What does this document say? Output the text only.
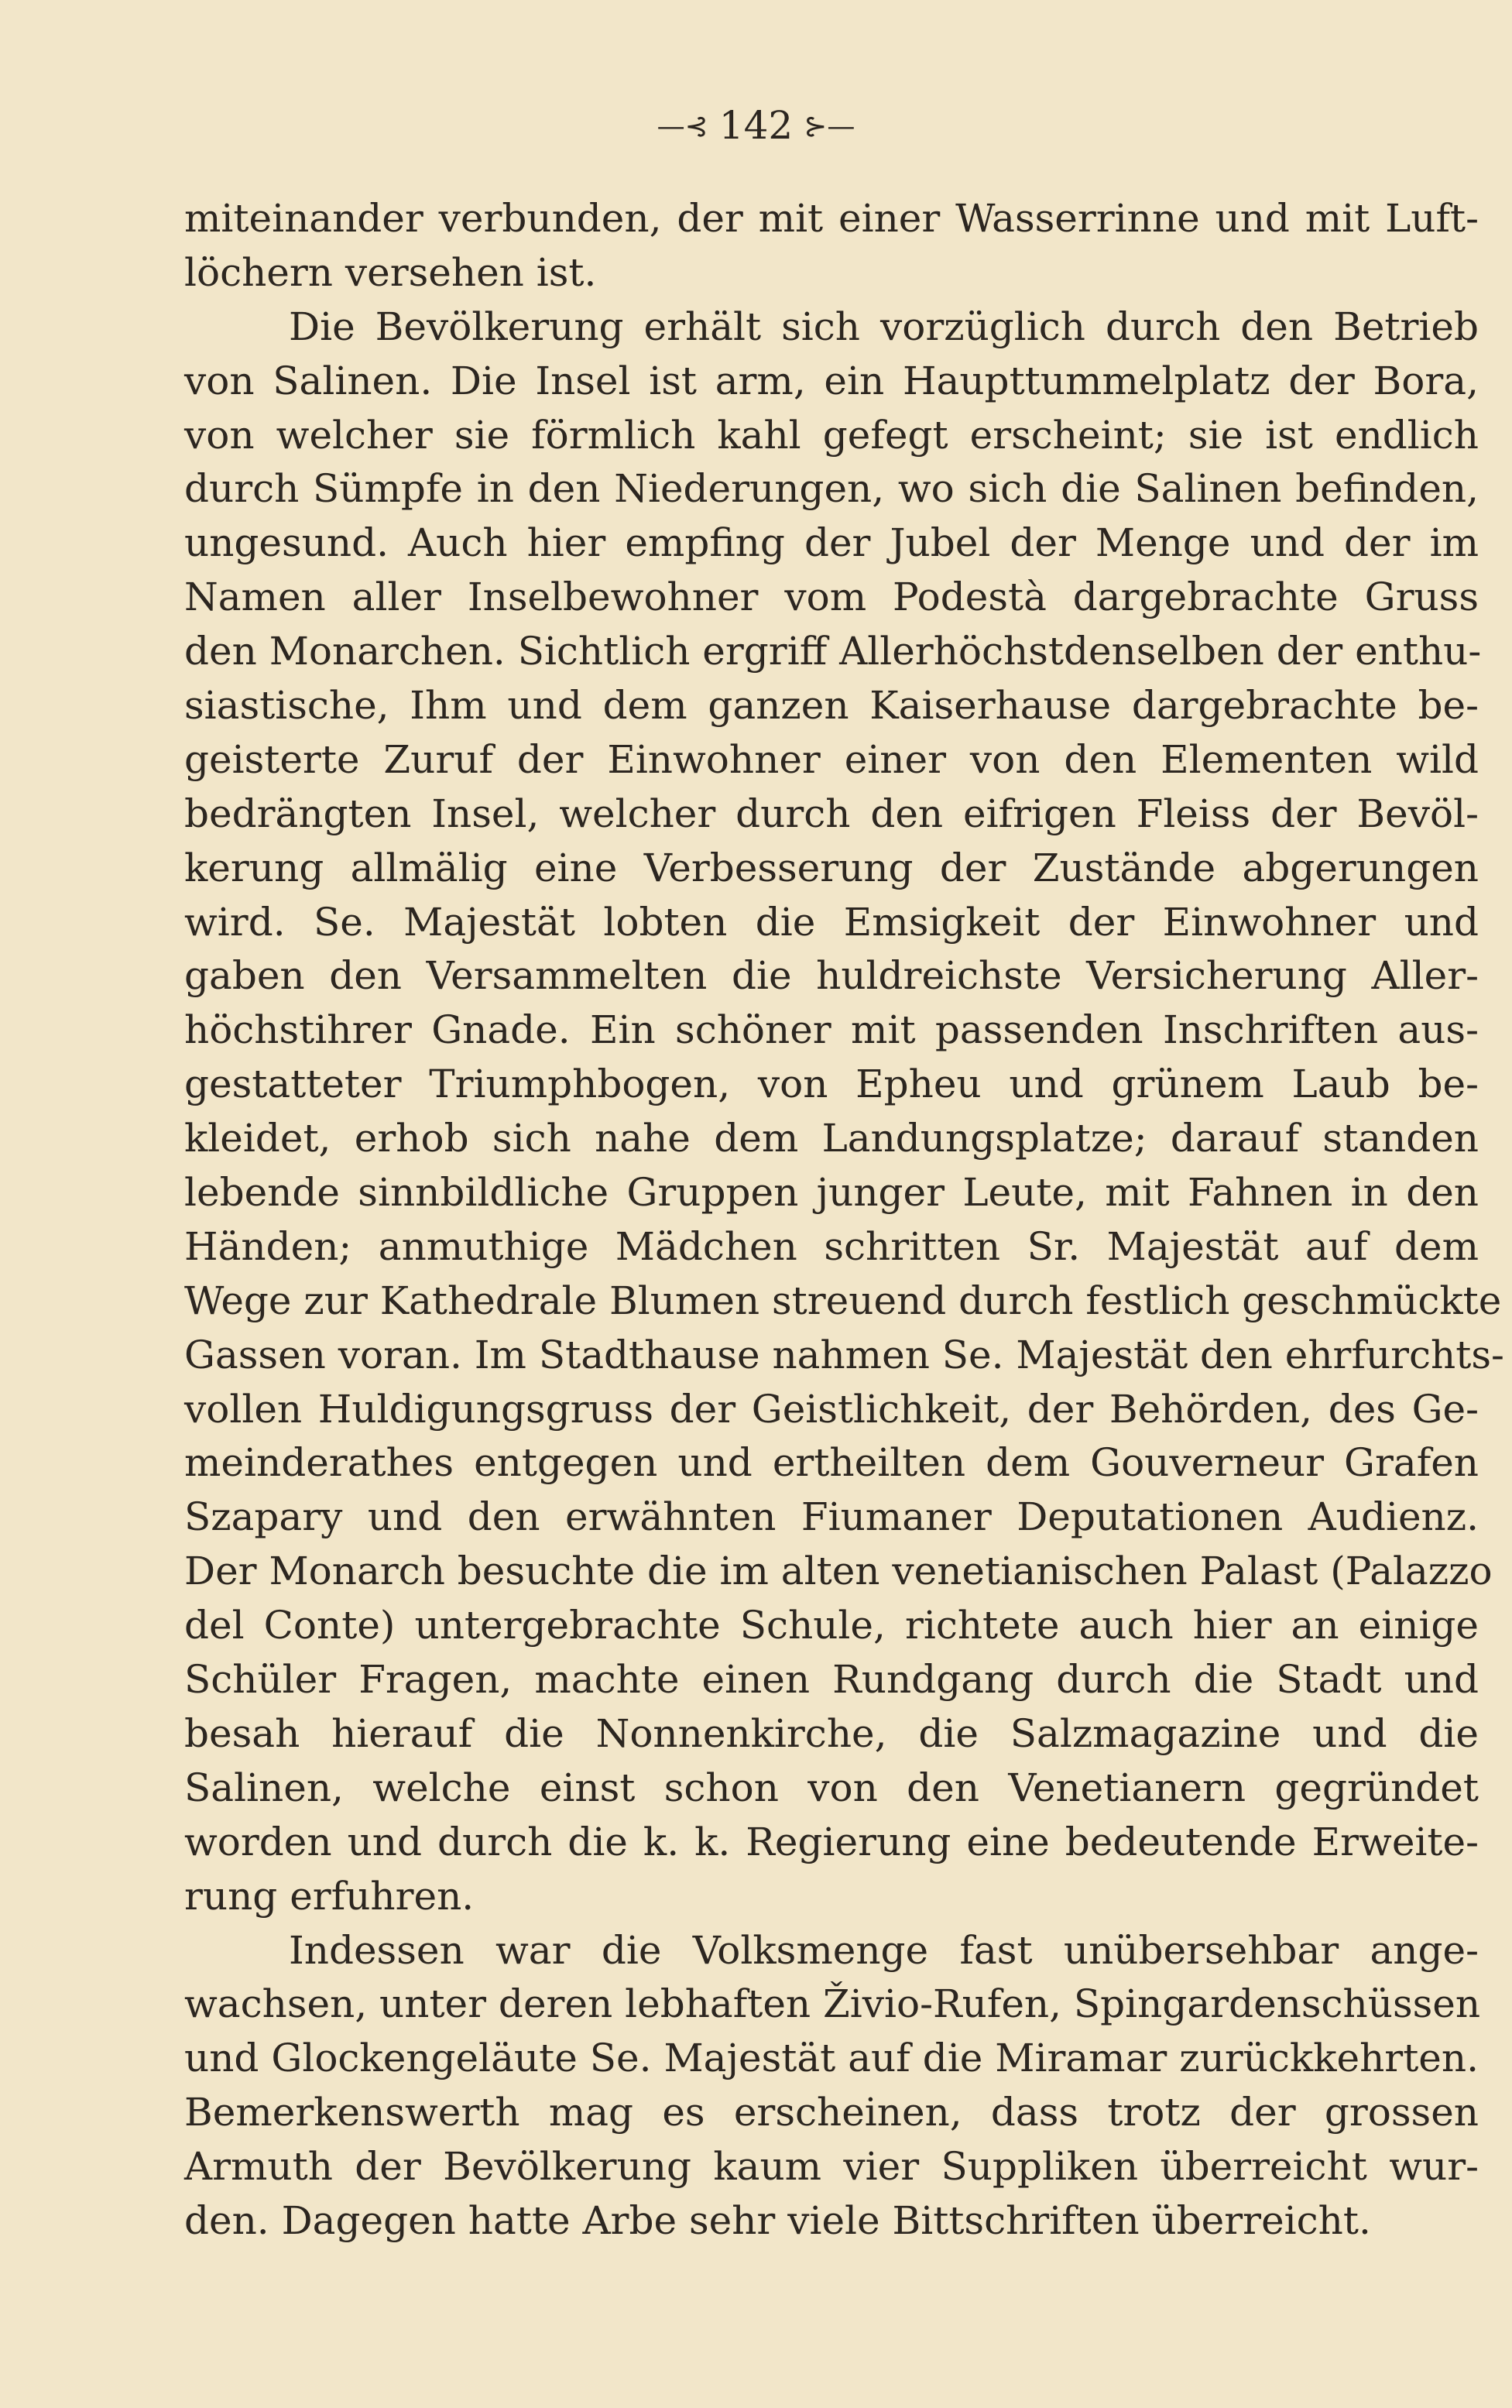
—⊰ 142 ⊱—
miteinander verbunden, der mit einer Wasserrinne und mit Luft-
löchern versehen ist.
Die Bevölkerung erhält sich vorzüglich durch den Betrieb
von Salinen. Die Insel ist arm, ein Haupttummelplatz der Bora,
von welcher sie förmlich kahl gefegt erscheint; sie ist endlich
durch Sümpfe in den Niederungen, wo sich die Salinen befinden,
ungesund. Auch hier empfing der Jubel der Menge und der im
Namen aller Inselbewohner vom Podestà dargebrachte Gruss
den Monarchen. Sichtlich ergriff Allerhöchstdenselben der enthu-
siastische, Ihm und dem ganzen Kaiserhause dargebrachte be-
geisterte Zuruf der Einwohner einer von den Elementen wild
bedrängten Insel, welcher durch den eifrigen Fleiss der Bevöl-
kerung allmälig eine Verbesserung der Zustände abgerungen
wird. Se. Majestät lobten die Emsigkeit der Einwohner und
gaben den Versammelten die huldreichste Versicherung Aller-
höchstihrer Gnade. Ein schöner mit passenden Inschriften aus-
gestatteter Triumphbogen, von Epheu und grünem Laub be-
kleidet, erhob sich nahe dem Landungsplatze; darauf standen
lebende sinnbildliche Gruppen junger Leute, mit Fahnen in den
Händen; anmuthige Mädchen schritten Sr. Majestät auf dem
Wege zur Kathedrale Blumen streuend durch festlich geschmückte
Gassen voran. Im Stadthause nahmen Se. Majestät den ehrfurchts-
vollen Huldigungsgruss der Geistlichkeit, der Behörden, des Ge-
meinderathes entgegen und ertheilten dem Gouverneur Grafen
Szapary und den erwähnten Fiumaner Deputationen Audienz.
Der Monarch besuchte die im alten venetianischen Palast (Palazzo
del Conte) untergebrachte Schule, richtete auch hier an einige
Schüler Fragen, machte einen Rundgang durch die Stadt und
besah hierauf die Nonnenkirche, die Salzmagazine und die
Salinen, welche einst schon von den Venetianern gegründet
worden und durch die k. k. Regierung eine bedeutende Erweite-
rung erfuhren.
Indessen war die Volksmenge fast unübersehbar ange-
wachsen, unter deren lebhaften Živio-Rufen, Spingardenschüssen
und Glockengeläute Se. Majestät auf die Miramar zurückkehrten.
Bemerkenswerth mag es erscheinen, dass trotz der grossen
Armuth der Bevölkerung kaum vier Suppliken überreicht wur-
den. Dagegen hatte Arbe sehr viele Bittschriften überreicht.
